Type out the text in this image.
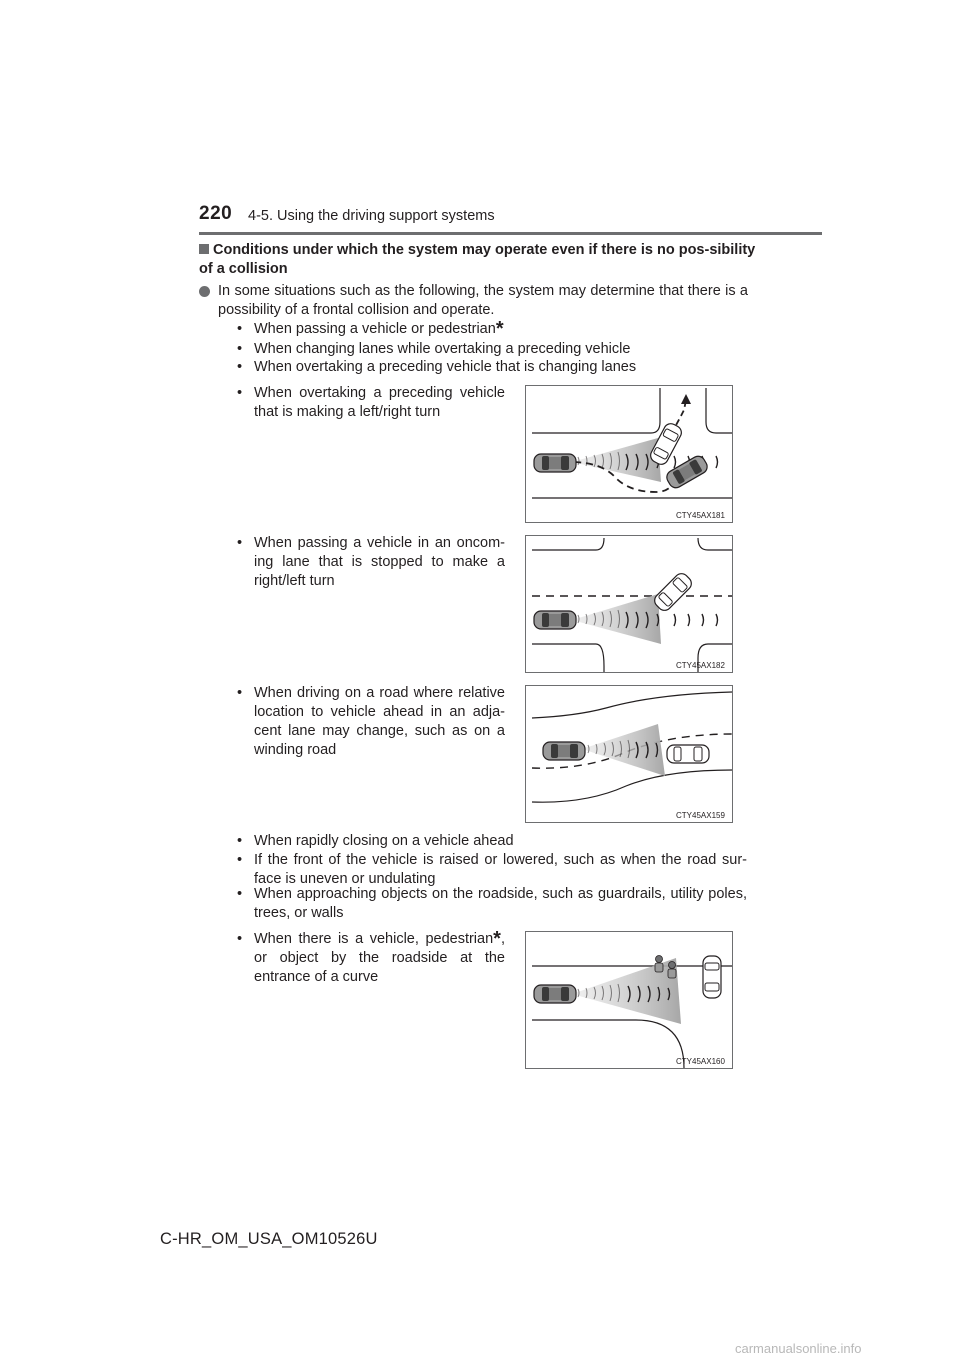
220 4-5. Using the driving support systems
Conditions under which the system may operate even if there is no pos-sibility of a collision
In some situations such as the following, the system may determine that there is a possibility of a frontal collision and operate.
• When passing a vehicle or pedestrian*
• When changing lanes while overtaking a preceding vehicle
• When overtaking a preceding vehicle that is changing lanes
• When overtaking a preceding vehicle that is making a left/right turn
CTY45AX181
• When passing a vehicle in an oncom-ing lane that is stopped to make a right/left turn
CTY45AX182
• When driving on a road where relative location to vehicle ahead in an adja-cent lane may change, such as on a winding road
CTY45AX159
• When rapidly closing on a vehicle ahead
• If the front of the vehicle is raised or lowered, such as when the road sur-face is uneven or undulating
• When approaching objects on the roadside, such as guardrails, utility poles, trees, or walls
• When there is a vehicle, pedestrian*, or object by the roadside at the entrance of a curve
CTY45AX160
C-HR_OM_USA_OM10526U
carmanualsonline.info
